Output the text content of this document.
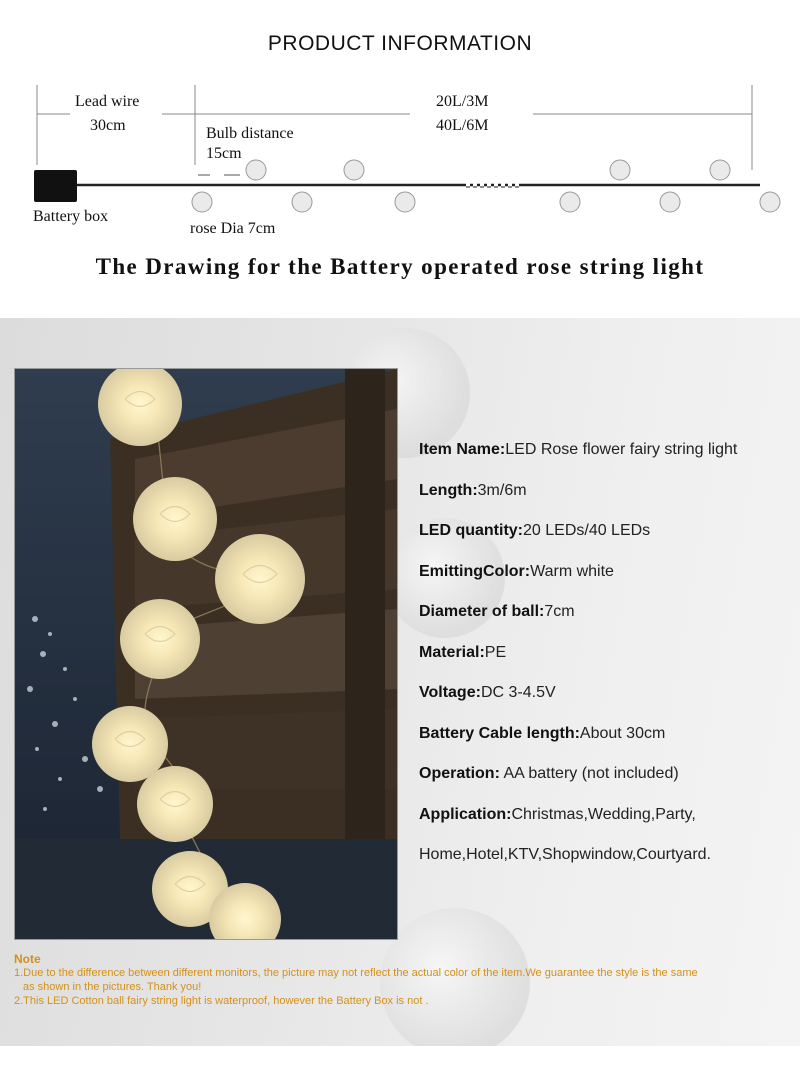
PRODUCT INFORMATION
Lead wire
30cm
20L/3M
40L/6M
Bulb distance
15cm
Battery box
rose Dia 7cm
The Drawing for the Battery operated rose string light
Item Name:LED Rose flower fairy string light
Length:3m/6m
LED quantity:20 LEDs/40 LEDs
EmittingColor:Warm white
Diameter of ball:7cm
Material:PE
Voltage:DC 3-4.5V
Battery Cable length:About 30cm
Operation: AA battery (not included)
Application:Christmas,Wedding,Party, Home,Hotel,KTV,Shopwindow,Courtyard.
Note
1.Due to the difference between different monitors, the picture may not reflect the actual color of the item.We guarantee the style is the same
as shown in the pictures. Thank you!
2.This LED Cotton ball fairy string light is waterproof, however the Battery Box is not .
